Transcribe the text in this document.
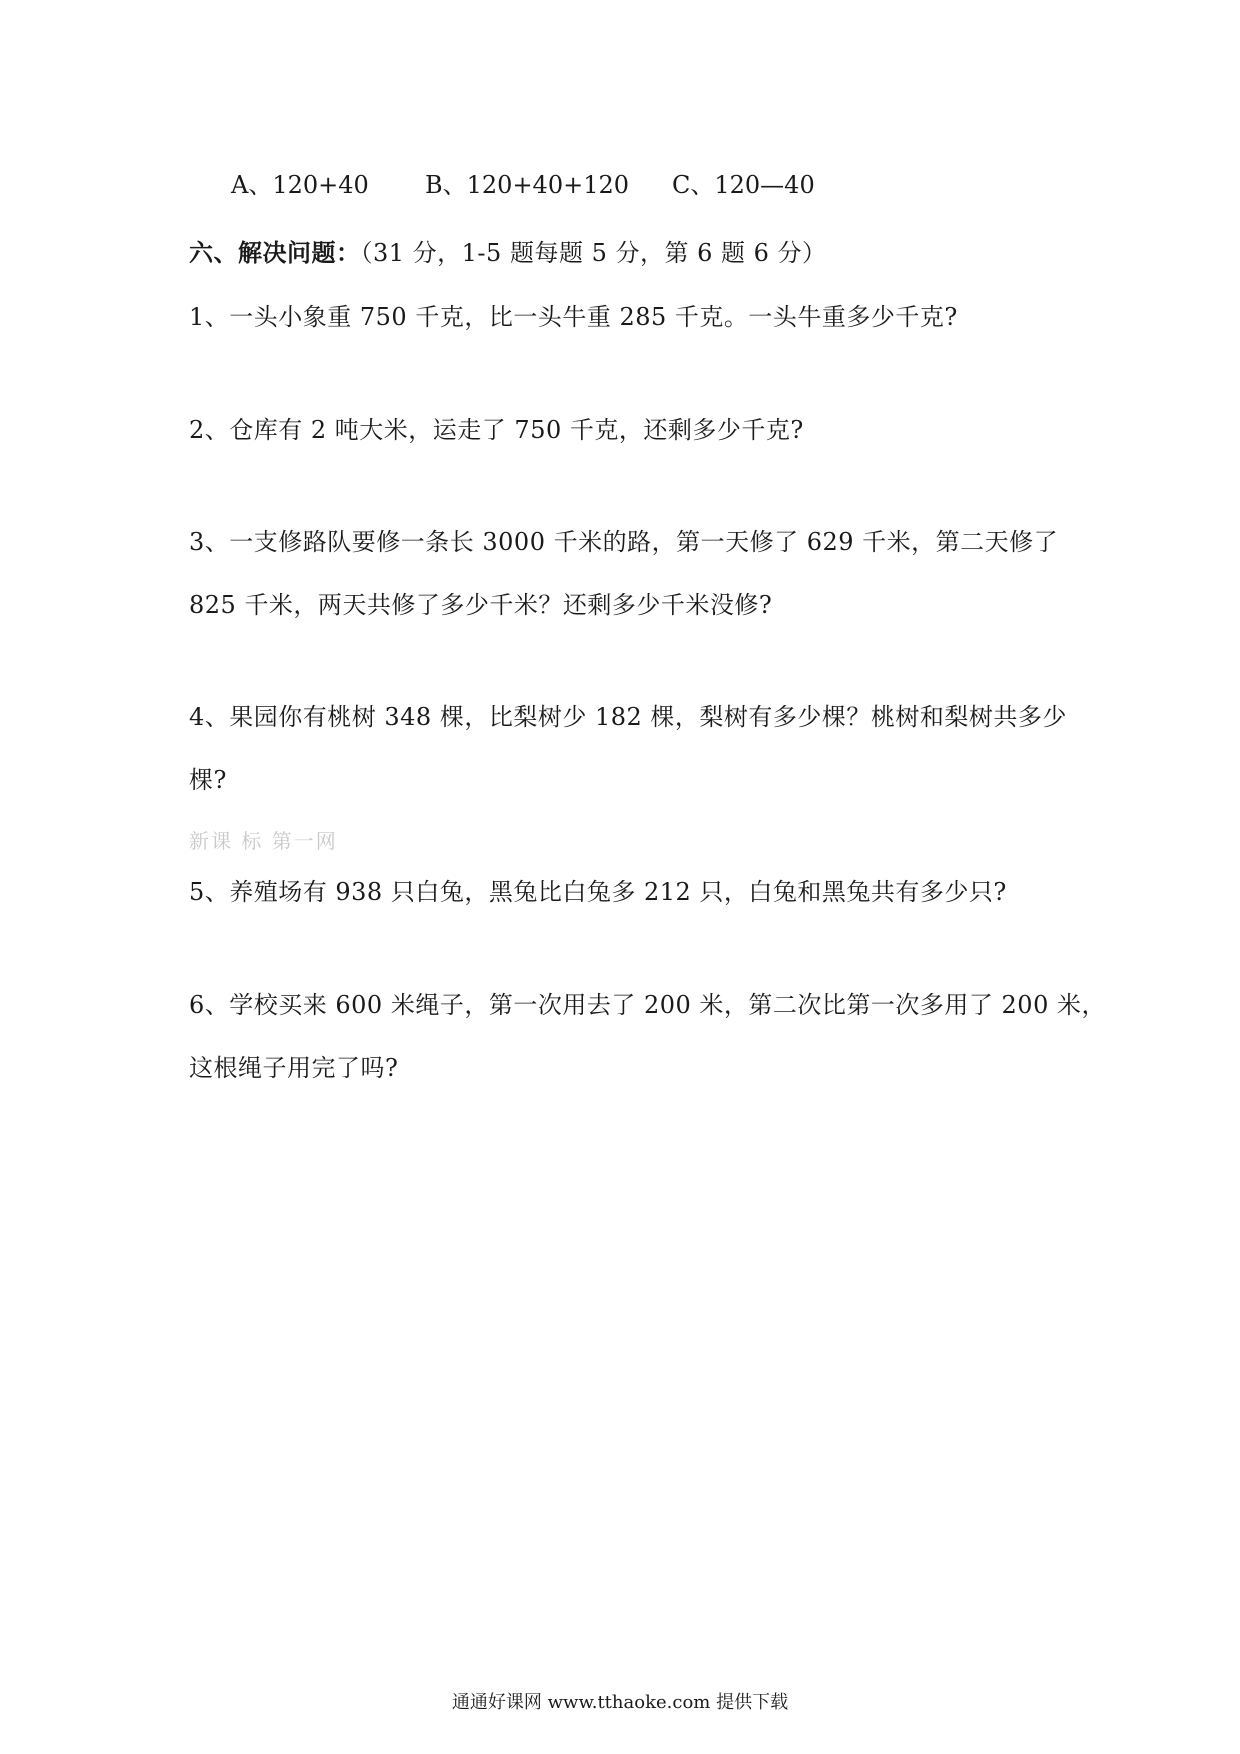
A、120+40 B、120+40+120 C、120—40
六、解决问题：（31 分，1-5 题每题 5 分，第 6 题 6 分）
1、一头小象重 750 千克，比一头牛重 285 千克。一头牛重多少千克?
2、仓库有 2 吨大米，运走了 750 千克，还剩多少千克?
3、一支修路队要修一条长 3000 千米的路，第一天修了 629 千米，第二天修了
825 千米，两天共修了多少千米？还剩多少千米没修?
4、果园你有桃树 348 棵，比梨树少 182 棵，梨树有多少棵？桃树和梨树共多少
棵?
新课 标 第一网
5、养殖场有 938 只白兔，黑兔比白兔多 212 只，白兔和黑兔共有多少只?
6、学校买来 600 米绳子，第一次用去了 200 米，第二次比第一次多用了 200 米，
这根绳子用完了吗?
通通好课网 www.tthaoke.com 提供下载
